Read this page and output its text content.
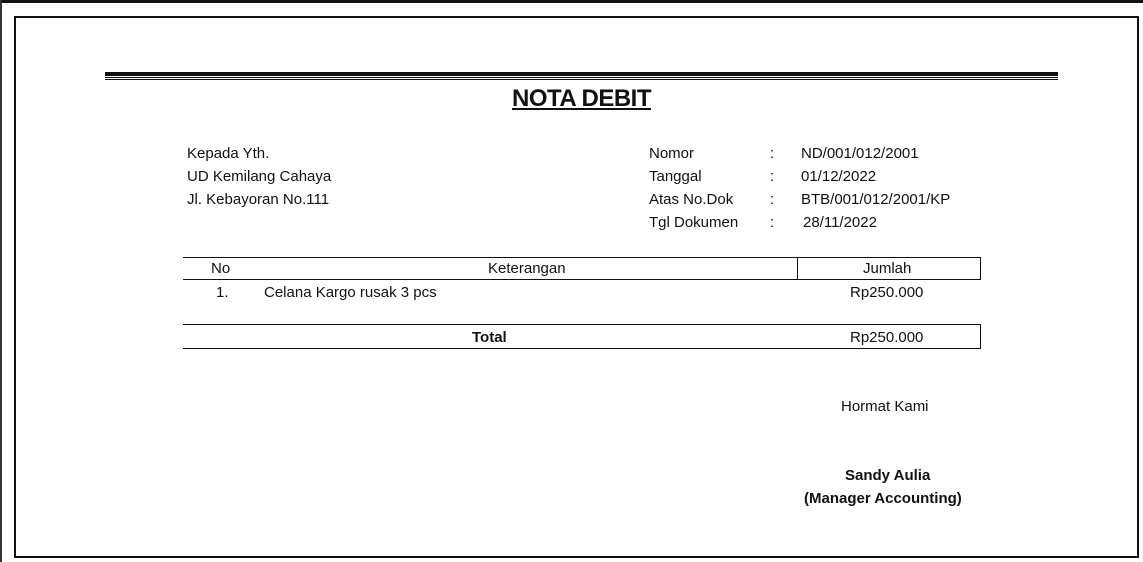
NOTA DEBIT
Kepada Yth.
UD Kemilang Cahaya
Jl. Kebayoran No.111
Nomor	: ND/001/012/2001
Tanggal	: 01/12/2022
Atas No.Dok : BTB/001/012/2001/KP
Tgl Dokumen : 28/11/2022
No	Keterangan	Jumlah
1. Celana Kargo rusak 3 pcs	Rp250.000
Total	Rp250.000
Hormat Kami
Sandy Aulia
(Manager Accounting)
